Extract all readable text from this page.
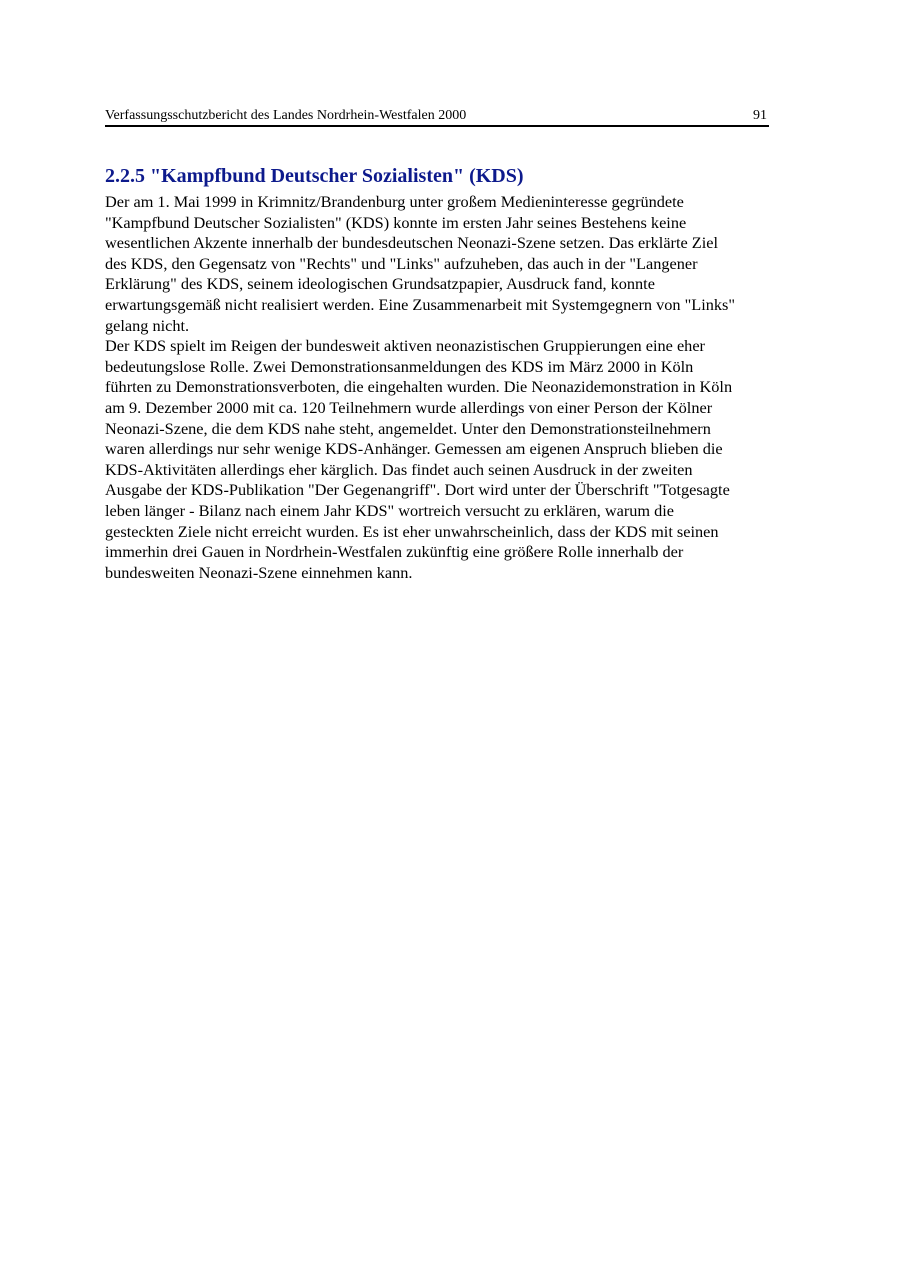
Verfassungsschutzbericht des Landes Nordrhein-Westfalen 2000	91
2.2.5 "Kampfbund Deutscher Sozialisten" (KDS)
Der am 1. Mai 1999 in Krimnitz/Brandenburg unter großem Medieninteresse gegründete
"Kampfbund Deutscher Sozialisten" (KDS) konnte im ersten Jahr seines Bestehens keine
wesentlichen Akzente innerhalb der bundesdeutschen Neonazi-Szene setzen. Das erklärte Ziel
des KDS, den Gegensatz von "Rechts" und "Links" aufzuheben, das auch in der "Langener
Erklärung" des KDS, seinem ideologischen Grundsatzpapier, Ausdruck fand, konnte
erwartungsgemäß nicht realisiert werden. Eine Zusammenarbeit mit Systemgegnern von "Links"
gelang nicht.
Der KDS spielt im Reigen der bundesweit aktiven neonazistischen Gruppierungen eine eher
bedeutungslose Rolle. Zwei Demonstrationsanmeldungen des KDS im März 2000 in Köln
führten zu Demonstrationsverboten, die eingehalten wurden. Die Neonazidemonstration in Köln
am 9. Dezember 2000 mit ca. 120 Teilnehmern wurde allerdings von einer Person der Kölner
Neonazi-Szene, die dem KDS nahe steht, angemeldet. Unter den Demonstrationsteilnehmern
waren allerdings nur sehr wenige KDS-Anhänger. Gemessen am eigenen Anspruch blieben die
KDS-Aktivitäten allerdings eher kärglich. Das findet auch seinen Ausdruck in der zweiten
Ausgabe der KDS-Publikation "Der Gegenangriff". Dort wird unter der Überschrift "Totgesagte
leben länger - Bilanz nach einem Jahr KDS" wortreich versucht zu erklären, warum die
gesteckten Ziele nicht erreicht wurden. Es ist eher unwahrscheinlich, dass der KDS mit seinen
immerhin drei Gauen in Nordrhein-Westfalen zukünftig eine größere Rolle innerhalb der
bundesweiten Neonazi-Szene einnehmen kann.
